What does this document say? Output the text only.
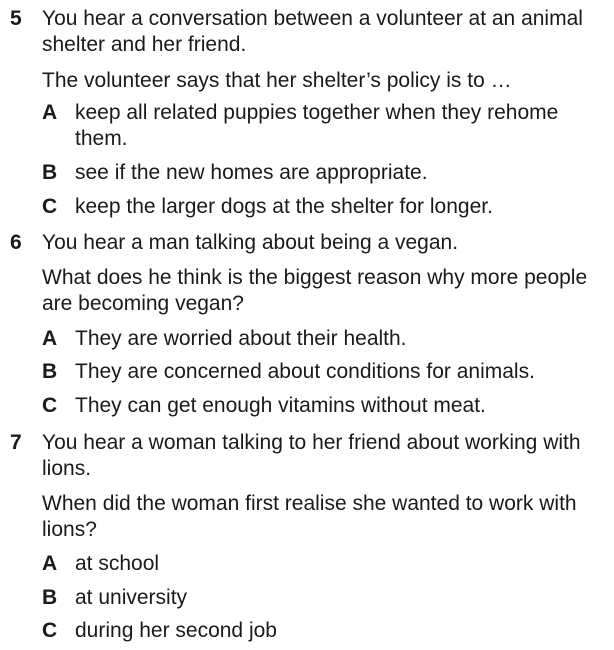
5 You hear a conversation between a volunteer at an animal shelter and her friend.
The volunteer says that her shelter’s policy is to …
A keep all related puppies together when they rehome them.
B see if the new homes are appropriate.
C keep the larger dogs at the shelter for longer.
6 You hear a man talking about being a vegan.
What does he think is the biggest reason why more people are becoming vegan?
A They are worried about their health.
B They are concerned about conditions for animals.
C They can get enough vitamins without meat.
7 You hear a woman talking to her friend about working with lions.
When did the woman first realise she wanted to work with lions?
A at school
B at university
C during her second job
